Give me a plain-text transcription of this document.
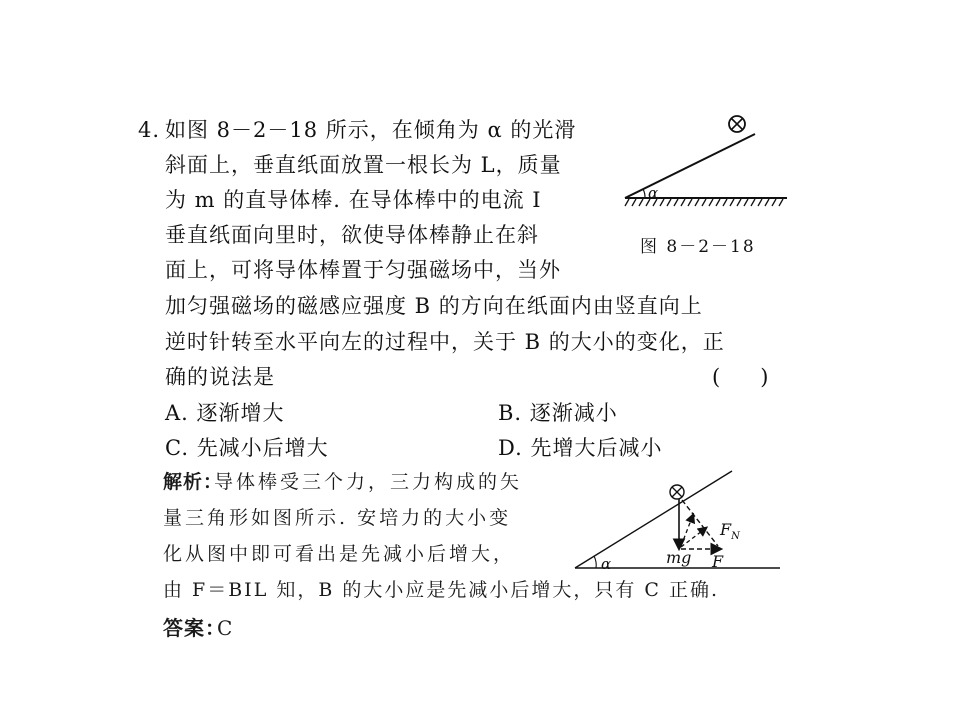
4. 如图 8－2－18 所示，在倾角为 α 的光滑
斜面上，垂直纸面放置一根长为 L，质量
为 m 的直导体棒. 在导体棒中的电流 I
垂直纸面向里时，欲使导体棒静止在斜
面上，可将导体棒置于匀强磁场中，当外
加匀强磁场的磁感应强度 B 的方向在纸面内由竖直向上
逆时针转至水平向左的过程中，关于 B 的大小的变化，正
确的说法是	(      )
A. 逐渐增大	B. 逐渐减小
C. 先减小后增大	D. 先增大后减小
α
图 8－2－18
解析：导体棒受三个力，三力构成的矢
量三角形如图所示. 安培力的大小变
化从图中即可看出是先减小后增大，
由 F＝BIL 知，B 的大小应是先减小后增大，只有 C 正确.
答案：C
α	mg F
$F_N$
